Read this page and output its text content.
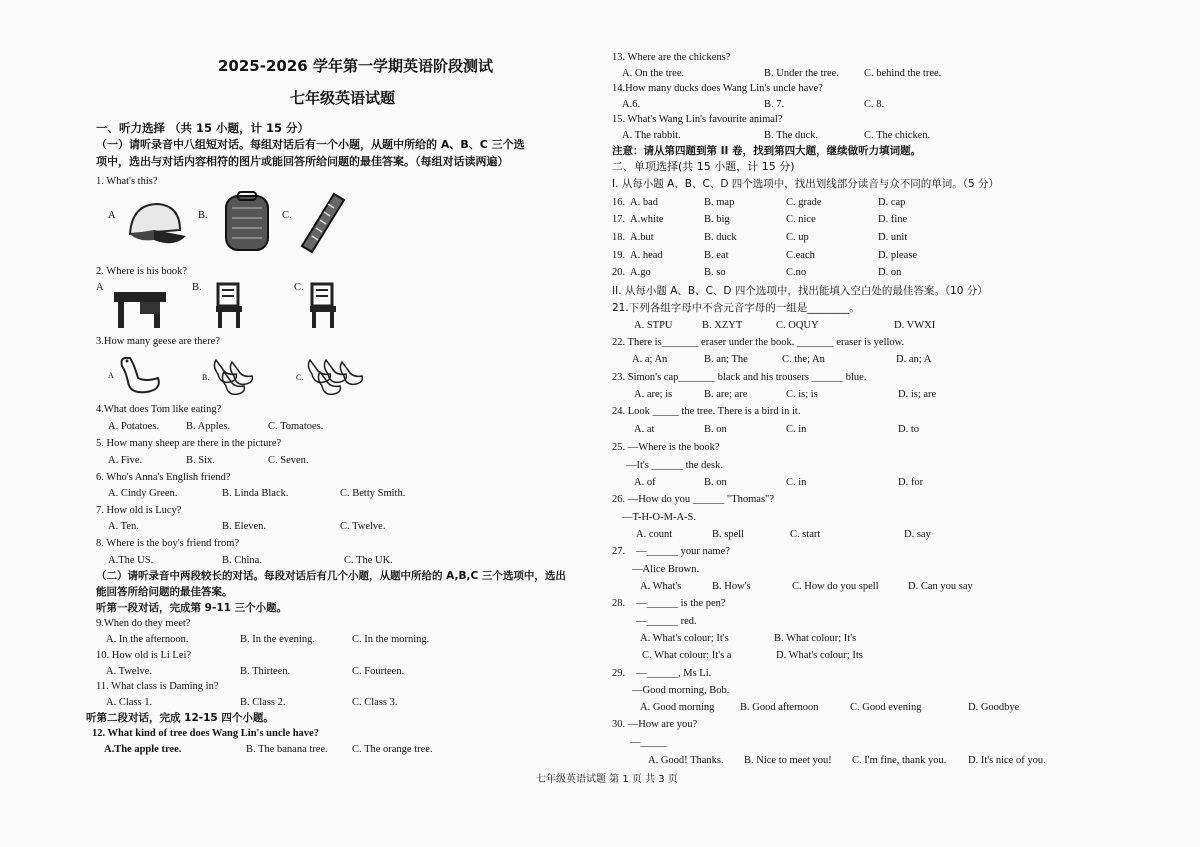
2025-2026 学年第一学期英语阶段测试
七年级英语试题
一、听力选择 （共 15 小题，计 15 分）
（一）请听录音中八组短对话。每组对话后有一个小题，从题中所给的 A、B、C 三个选
项中，选出与对话内容相符的图片或能回答所给问题的最佳答案。（每组对话读两遍）
1. What's this?
A	B.	C.
2. Where is his book?
A	B.	C.
3.How many geese are there?
A	B.	C.
4.What does Tom like eating?
A. Potatoes.	B. Apples.	C. Tomatoes.
5. How many sheep are there in the picture?
A. Five.	B. Six.	C. Seven.
6. Who's Anna's English friend?
A. Cindy Green.	B. Linda Black.	C. Betty Smith.
7. How old is Lucy?
A. Ten.	B. Eleven.	C. Twelve.
8. Where is the boy's friend from?
A.The US.	B. China.	C. The UK.
（二）请听录音中两段较长的对话。每段对话后有几个小题，从题中所给的 A,B,C 三个选项中，选出
能回答所给问题的最佳答案。
听第一段对话，完成第 9-11 三个小题。
9.When do they meet?
A. In the afternoon.	B. In the evening.	C. In the morning.
10. How old is Li Lei?
A. Twelve.	B. Thirteen.	C. Fourteen.
11. What class is Daming in?
A. Class 1.	B. Class 2.	C. Class 3.
听第二段对话，完成 12-15 四个小题。
12. What kind of tree does Wang Lin's uncle have?
A.The apple tree.	B. The banana tree. C. The orange tree.
13. Where are the chickens?
A. On the tree.	B. Under the tree. C. behind the tree.
14.How many ducks does Wang Lin's uncle have?
A.6.	B. 7.	C. 8.
15. What's Wang Lin's favourite animal?
A. The rabbit.	B. The duck.	C. The chicken.
注意：请从第四题到第 II 卷，找到第四大题，继续做听力填词题。
二、单项选择(共 15 小题，计 15 分)
I. 从每小题 A、B、C、D 四个选项中，找出划线部分读音与众不同的单词。（5 分）
16. A. bad	B. map	C. grade	D. cap
17. A.white	B. big	C. nice	D. fine
18. A.but	B. duck	C. up	D. unit
19. A. head	B. eat	C.each	D. please
20. A.go	B. so	C.no	D. on
II. 从每小题 A、B、C、D 四个选项中，找出能填入空白处的最佳答案。（10 分）
21.下列各组字母中不含元音字母的一组是________。
A. STPU	B. XZYT	C. OQUY	D. VWXI
22. There is_______ eraser under the book. _______ eraser is yellow.
A. a; An	B. an; The	C. the; An	D. an; A
23. Simon's cap_______ black and his trousers ______ blue.
A. are; is	B. are; are	C. is; is	D. is; are
24. Look _____ the tree. There is a bird in it.
A. at	B. on	C. in	D. to
25. —Where is the book?
—It's ______ the desk.
A. of	B. on	C. in	D. for
26. —How do you ______ "Thomas"?
—T-H-O-M-A-S.
A. count	B. spell	C. start	D. say
27. —______ your name?
—Alice Brown.
A. What's	B. How's	C. How do you spell	D. Can you say
28. —______ is the pen?
—______ red.
A. What's colour; It's	B. What colour; It's
C. What colour; It's a	D. What's colour; Its
29. —______, Ms Li.
—Good morning, Bob.
A. Good morning B. Good afternoon	C. Good evening	D. Goodbye
30. —How are you?
—_____
A. Good! Thanks. B. Nice to meet you! C. I'm fine, thank you. D. It's nice of you.
七年级英语试题 第 1 页 共 3 页
